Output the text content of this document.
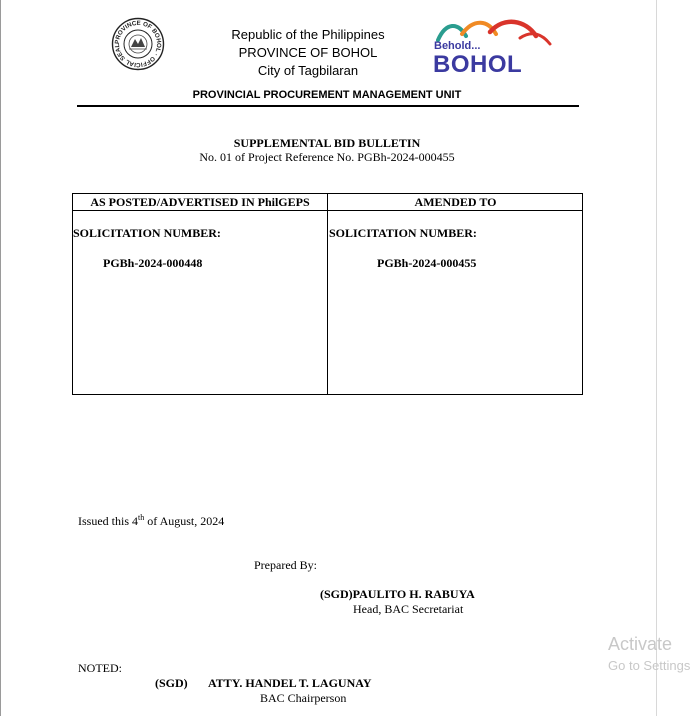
PROVINCE OF BOHOL · OFFICIAL SEAL
Republic of the Philippines
PROVINCE OF BOHOL
City of Tagbilaran
Behold...
BOHOL
PROVINCIAL PROCUREMENT MANAGEMENT UNIT
SUPPLEMENTAL BID BULLETIN
No. 01 of Project Reference No. PGBh-2024-000455
AS POSTED/ADVERTISED IN PhilGEPS	AMENDED TO
SOLICITATION NUMBER:	SOLICITATION NUMBER:
PGBh-2024-000448	PGBh-2024-000455
Issued this 4th of August, 2024
Prepared By:
(SGD)PAULITO H. RABUYA
Head, BAC Secretariat
NOTED:
(SGD) ATTY. HANDEL T. LAGUNAY
BAC Chairperson
Activate
Go to Settings
